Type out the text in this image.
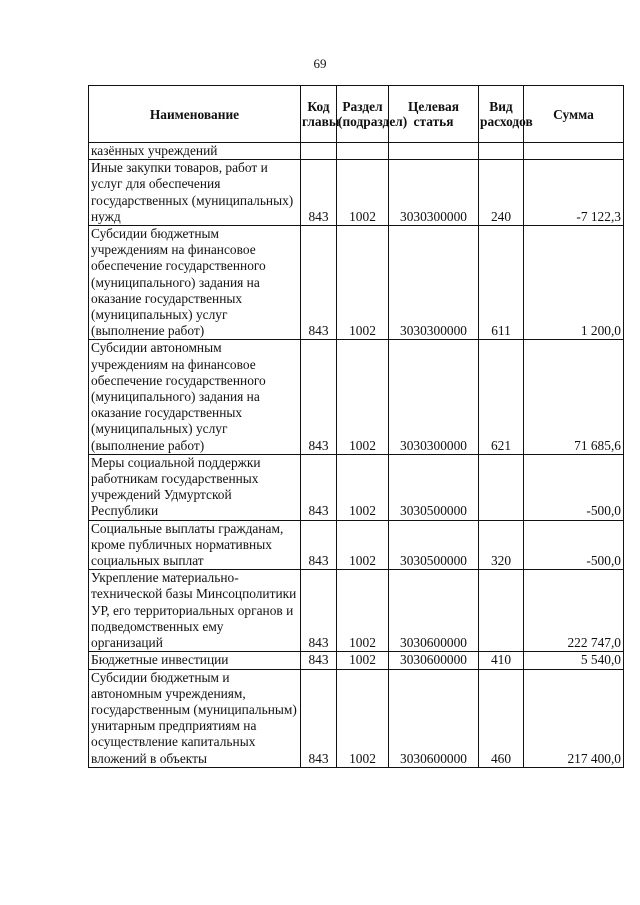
69
Наименование	Код главы	Раздел (подраздел)	Целевая статья	Вид расходов	Сумма
казённых учреждений					
Иные закупки товаров, работ и услуг для обеспечения государственных (муниципальных) нужд	843	1002	3030300000	240	-7 122,3
Субсидии бюджетным учреждениям на финансовое обеспечение государственного (муниципального) задания на оказание государственных (муниципальных) услуг (выполнение работ)	843	1002	3030300000	611	1 200,0
Субсидии автономным учреждениям на финансовое обеспечение государственного (муниципального) задания на оказание государственных (муниципальных) услуг (выполнение работ)	843	1002	3030300000	621	71 685,6
Меры социальной поддержки работникам государственных учреждений Удмуртской Республики	843	1002	3030500000		-500,0
Социальные выплаты гражданам, кроме публичных нормативных социальных выплат	843	1002	3030500000	320	-500,0
Укрепление материально-технической базы Минсоцполитики УР, его территориальных органов и подведомственных ему организаций	843	1002	3030600000		222 747,0
Бюджетные инвестиции	843	1002	3030600000	410	5 540,0
Субсидии бюджетным и автономным учреждениям, государственным (муниципальным) унитарным предприятиям на осуществление капитальных вложений в объекты	843	1002	3030600000	460	217 400,0
